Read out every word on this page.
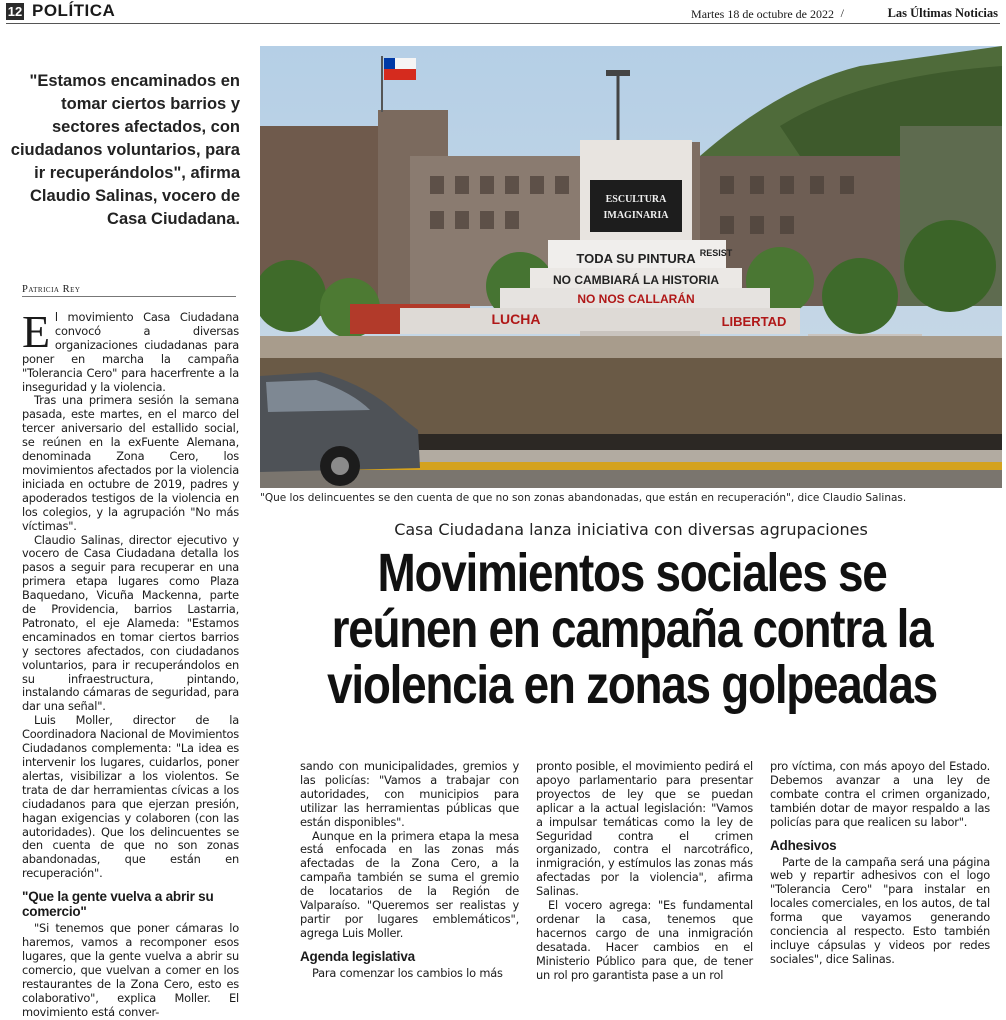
12 POLÍTICA	Martes 18 de octubre de 2022 /	Las Últimas Noticias
"Estamos encaminados en tomar ciertos barrios y sectores afectados, con ciudadanos voluntarios, para ir recuperándolos", afirma Claudio Salinas, vocero de Casa Ciudadana.
Patricia Rey
E l movimiento Casa Ciudadana convocó a diversas organizaciones ciudadanas para poner en marcha la campaña "Tolerancia Cero" para hacerfrente a la inseguridad y la violencia.

Tras una primera sesión la semana pasada, este martes, en el marco del tercer aniversario del estallido social, se reúnen en la exFuente Alemana, denominada Zona Cero, los movimientos afectados por la violencia iniciada en octubre de 2019, padres y apoderados testigos de la violencia en los colegios, y la agrupación "No más víctimas".

Claudio Salinas, director ejecutivo y vocero de Casa Ciudadana detalla los pasos a seguir para recuperar en una primera etapa lugares como Plaza Baquedano, Vicuña Mackenna, parte de Providencia, barrios Lastarria, Patronato, el eje Alameda: "Estamos encaminados en tomar ciertos barrios y sectores afectados, con ciudadanos voluntarios, para ir recuperándolos en su infraestructura, pintando, instalando cámaras de seguridad, para dar una señal".

Luis Moller, director de la Coordinadora Nacional de Movimientos Ciudadanos complementa: "La idea es intervenir los lugares, cuidarlos, poner alertas, visibilizar a los violentos. Se trata de dar herramientas cívicas a los ciudadanos para que ejerzan presión, hagan exigencias y colaboren (con las autoridades). Que los delincuentes se den cuenta de que no son zonas abandonadas, que están en recuperación".

"Que la gente vuelva a abrir su comercio"

"Si tenemos que poner cámaras lo haremos, vamos a recomponer esos lugares, que la gente vuelva a abrir su comercio, que vuelvan a comer en los restaurantes de la Zona Cero, esto es colaborativo", explica Moller. El movimiento está conver-

ESCULTURA
IMAGINARIA
TODA SU PINTURA
NO CAMBIARÁ LA HISTORIA
NO NOS CALLARÁN
LUCHA	LIBERTAD
RESIST
"Que los delincuentes se den cuenta de que no son zonas abandonadas, que están en recuperación", dice Claudio Salinas.
Casa Ciudadana lanza iniciativa con diversas agrupaciones
Movimientos sociales se
reúnen en campaña contra la
violencia en zonas golpeadas

sando con municipalidades, gremios y las policías: "Vamos a trabajar con autoridades, con municipios para utilizar las herramientas públicas que están disponibles".

Aunque en la primera etapa la mesa está enfocada en las zonas más afectadas de la Zona Cero, a la campaña también se suma el gremio de locatarios de la Región de Valparaíso. "Queremos ser realistas y partir por lugares emblemáticos", agrega Luis Moller.

Agenda legislativa

Para comenzar los cambios lo más

pronto posible, el movimiento pedirá el apoyo parlamentario para presentar proyectos de ley que se puedan aplicar a la actual legislación: "Vamos a impulsar temáticas como la ley de Seguridad contra el crimen organizado, contra el narcotráfico, inmigración, y estímulos las zonas más afectadas por la violencia", afirma Salinas.

El vocero agrega: "Es fundamental ordenar la casa, tenemos que hacernos cargo de una inmigración desatada. Hacer cambios en el Ministerio Público para que, de tener un rol pro garantista pase a un rol

pro víctima, con más apoyo del Estado. Debemos avanzar a una ley de combate contra el crimen organizado, también dotar de mayor respaldo a las policías para que realicen su labor".

Adhesivos

Parte de la campaña será una página web y repartir adhesivos con el logo "Tolerancia Cero" "para instalar en locales comerciales, en los autos, de tal forma que vayamos generando conciencia al respecto. Esto también incluye cápsulas y videos por redes sociales", dice Salinas.
